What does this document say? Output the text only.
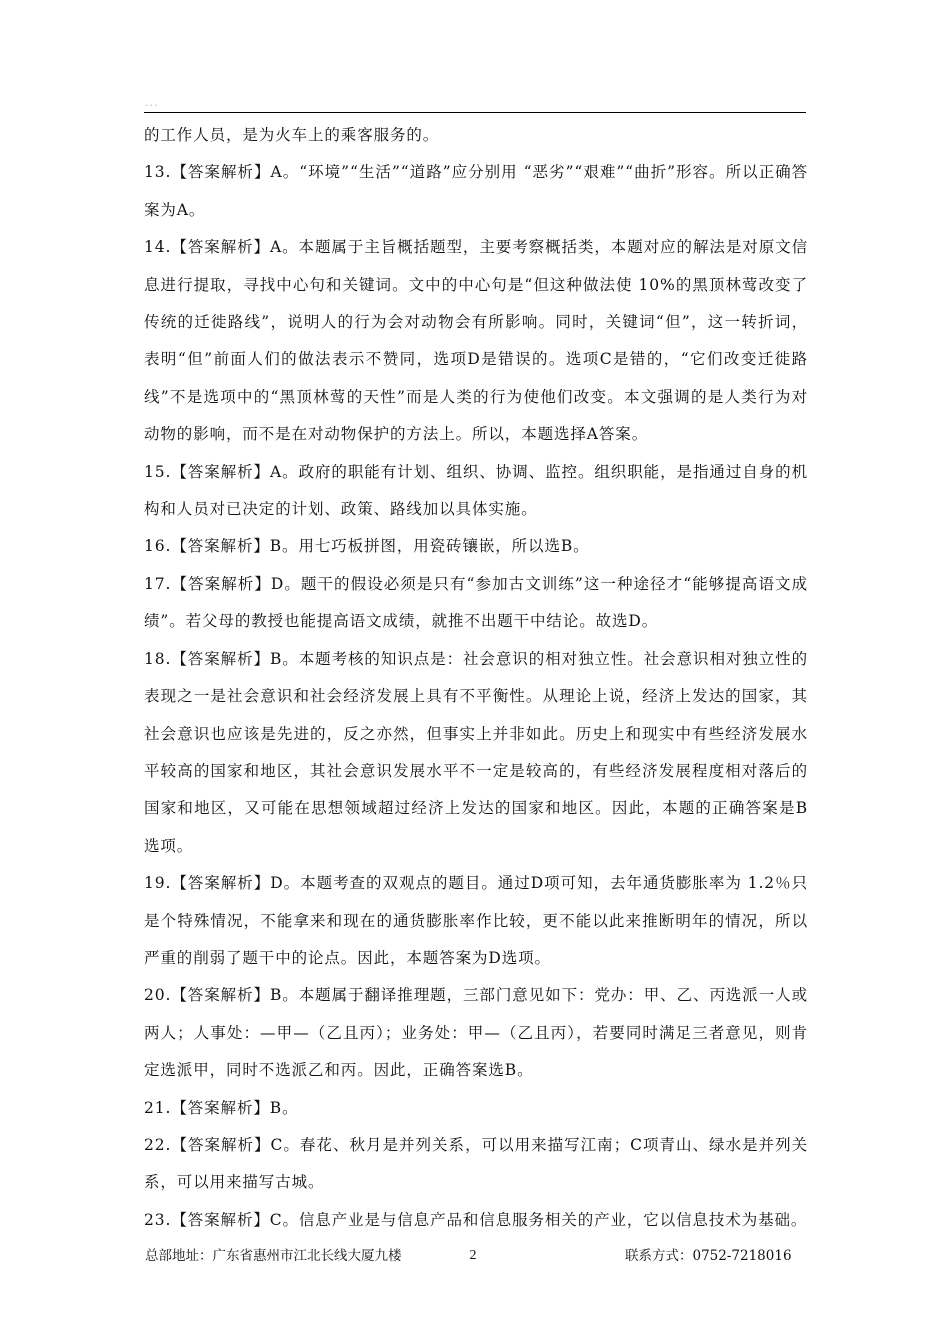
...

的工作人员，是为火车上的乘客服务的。

13.【答案解析】A。“环境”“生活”“道路”应分别用 “恶劣”“艰难”“曲折”形容。所以正确答案为A。

14.【答案解析】A。本题属于主旨概括题型，主要考察概括类，本题对应的解法是对原文信息进行提取，寻找中心句和关键词。文中的中心句是“但这种做法使 10%的黑顶林莺改变了传统的迁徙路线”，说明人的行为会对动物会有所影响。同时，关键词“但”，这一转折词，表明“但”前面人们的做法表示不赞同，选项D是错误的。选项C是错的，“它们改变迁徙路线”不是选项中的“黑顶林莺的天性”而是人类的行为使他们改变。本文强调的是人类行为对动物的影响，而不是在对动物保护的方法上。所以，本题选择A答案。

15.【答案解析】A。政府的职能有计划、组织、协调、监控。组织职能，是指通过自身的机构和人员对已决定的计划、政策、路线加以具体实施。

16.【答案解析】B。用七巧板拼图，用瓷砖镶嵌，所以选B。

17.【答案解析】D。题干的假设必须是只有“参加古文训练”这一种途径才“能够提高语文成绩”。若父母的教授也能提高语文成绩，就推不出题干中结论。故选D。

18.【答案解析】B。本题考核的知识点是：社会意识的相对独立性。社会意识相对独立性的表现之一是社会意识和社会经济发展上具有不平衡性。从理论上说，经济上发达的国家，其社会意识也应该是先进的，反之亦然，但事实上并非如此。历史上和现实中有些经济发展水平较高的国家和地区，其社会意识发展水平不一定是较高的，有些经济发展程度相对落后的国家和地区，又可能在思想领域超过经济上发达的国家和地区。因此，本题的正确答案是B选项。

19.【答案解析】D。本题考查的双观点的题目。通过D项可知，去年通货膨胀率为 1.2％只是个特殊情况，不能拿来和现在的通货膨胀率作比较，更不能以此来推断明年的情况，所以严重的削弱了题干中的论点。因此，本题答案为D选项。

20.【答案解析】B。本题属于翻译推理题，三部门意见如下：党办：甲、乙、丙选派一人或两人；人事处：—甲—（乙且丙）；业务处：甲—（乙且丙），若要同时满足三者意见，则肯定选派甲，同时不选派乙和丙。因此，正确答案选B。

21.【答案解析】B。

22.【答案解析】C。春花、秋月是并列关系，可以用来描写江南；C项青山、绿水是并列关系，可以用来描写古城。

23.【答案解析】C。信息产业是与信息产品和信息服务相关的产业，它以信息技术为基础。

总部地址：广东省惠州市江北长线大厦九楼	2	联系方式：0752-7218016
